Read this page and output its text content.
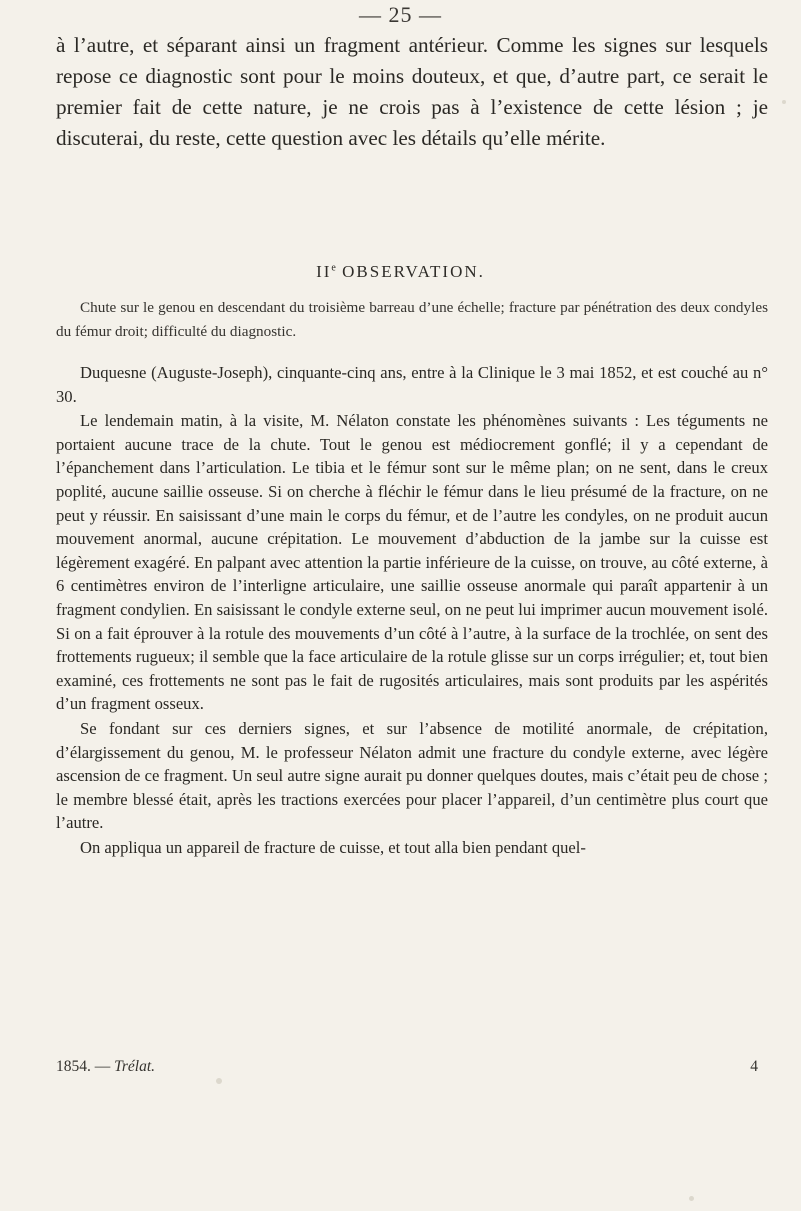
— 25 —

à l’autre, et séparant ainsi un fragment antérieur. Comme les signes sur lesquels repose ce diagnostic sont pour le moins douteux, et que, d’autre part, ce serait le premier fait de cette nature, je ne crois pas à l’existence de cette lésion ; je discuterai, du reste, cette question avec les détails qu’elle mérite.

IIe OBSERVATION.

Chute sur le genou en descendant du troisième barreau d’une échelle; fracture par pénétration des deux condyles du fémur droit; difficulté du diagnostic.

Duquesne (Auguste-Joseph), cinquante-cinq ans, entre à la Clinique le 3 mai 1852, et est couché au n° 30.

Le lendemain matin, à la visite, M. Nélaton constate les phénomènes suivants : Les téguments ne portaient aucune trace de la chute. Tout le genou est médiocrement gonflé; il y a cependant de l’épanchement dans l’articulation. Le tibia et le fémur sont sur le même plan; on ne sent, dans le creux poplité, aucune saillie osseuse. Si on cherche à fléchir le fémur dans le lieu présumé de la fracture, on ne peut y réussir. En saisissant d’une main le corps du fémur, et de l’autre les condyles, on ne produit aucun mouvement anormal, aucune crépitation. Le mouvement d’abduction de la jambe sur la cuisse est légèrement exagéré. En palpant avec attention la partie inférieure de la cuisse, on trouve, au côté externe, à 6 centimètres environ de l’interligne articulaire, une saillie osseuse anormale qui paraît appartenir à un fragment condylien. En saisissant le condyle externe seul, on ne peut lui imprimer aucun mouvement isolé. Si on a fait éprouver à la rotule des mouvements d’un côté à l’autre, à la surface de la trochlée, on sent des frottements rugueux; il semble que la face articulaire de la rotule glisse sur un corps irrégulier; et, tout bien examiné, ces frottements ne sont pas le fait de rugosités articulaires, mais sont produits par les aspérités d’un fragment osseux.

Se fondant sur ces derniers signes, et sur l’absence de motilité anormale, de crépitation, d’élargissement du genou, M. le professeur Nélaton admit une fracture du condyle externe, avec légère ascension de ce fragment. Un seul autre signe aurait pu donner quelques doutes, mais c’était peu de chose ; le membre blessé était, après les tractions exercées pour placer l’appareil, d’un centimètre plus court que l’autre.

On appliqua un appareil de fracture de cuisse, et tout alla bien pendant quel-

1854. — Trélat.	4
